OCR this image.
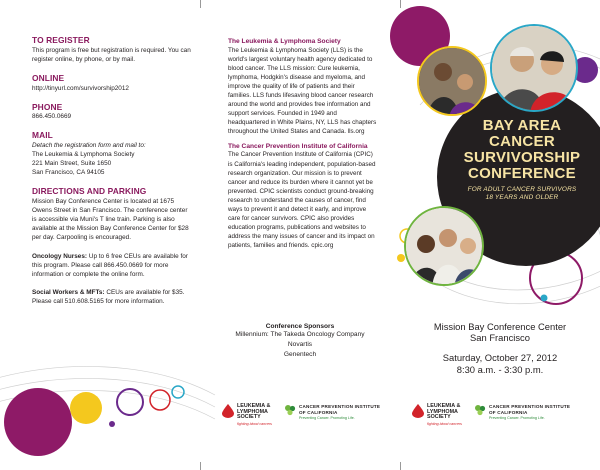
TO REGISTER
This program is free but registration is required. You can register online, by phone, or by mail.
ONLINE
http://tinyurl.com/survivorship2012
PHONE
866.450.0669
MAIL
Detach the registration form and mail to:
The Leukemia & Lymphoma Society
221 Main Street, Suite 1650
San Francisco, CA 94105
DIRECTIONS AND PARKING
Mission Bay Conference Center is located at 1675 Owens Street in San Francisco. The conference center is accessible via Muni's T line train. Parking is also available at the Mission Bay Conference Center for $28 per day. Carpooling is encouraged.
Oncology Nurses: Up to 6 free CEUs are available for this program. Please call 866.450.0669 for more information or complete the online form.
Social Workers & MFTs: CEUs are available for $35. Please call 510.608.5165 for more information.
The Leukemia & Lymphoma Society
The Leukemia & Lymphoma Society (LLS) is the world's largest voluntary health agency dedicated to blood cancer. The LLS mission: Cure leukemia, lymphoma, Hodgkin's disease and myeloma, and improve the quality of life of patients and their families. LLS funds lifesaving blood cancer research around the world and provides free information and support services. Founded in 1949 and headquartered in White Plains, NY, LLS has chapters throughout the United States and Canada. lls.org
The Cancer Prevention Institute of California
The Cancer Prevention Institute of California (CPIC) is California's leading independent, population-based research organization. Our mission is to prevent cancer and reduce its burden where it cannot yet be prevented. CPIC scientists conduct ground-breaking research to understand the causes of cancer, find ways to prevent it and detect it early, and improve care for cancer survivors. CPIC also provides education programs, publications and websites to address the many issues of cancer and its impact on patients, families and friends. cpic.org
Conference Sponsors
Millennium: The Takeda Oncology Company
Novartis
Genentech
LEUKEMIA &
LYMPHOMA
SOCIETY
fighting blood cancers
CANCER PREVENTION INSTITUTE
OF CALIFORNIA
Preventing Cancer. Promoting Life.
BAY AREA
CANCER
SURVIVORSHIP
CONFERENCE
FOR ADULT CANCER SURVIVORS
18 YEARS AND OLDER
Mission Bay Conference Center
San Francisco
Saturday, October 27, 2012
8:30 a.m. - 3:30 p.m.
LEUKEMIA &
LYMPHOMA
SOCIETY
fighting blood cancers
CANCER PREVENTION INSTITUTE
OF CALIFORNIA
Preventing Cancer. Promoting Life.
